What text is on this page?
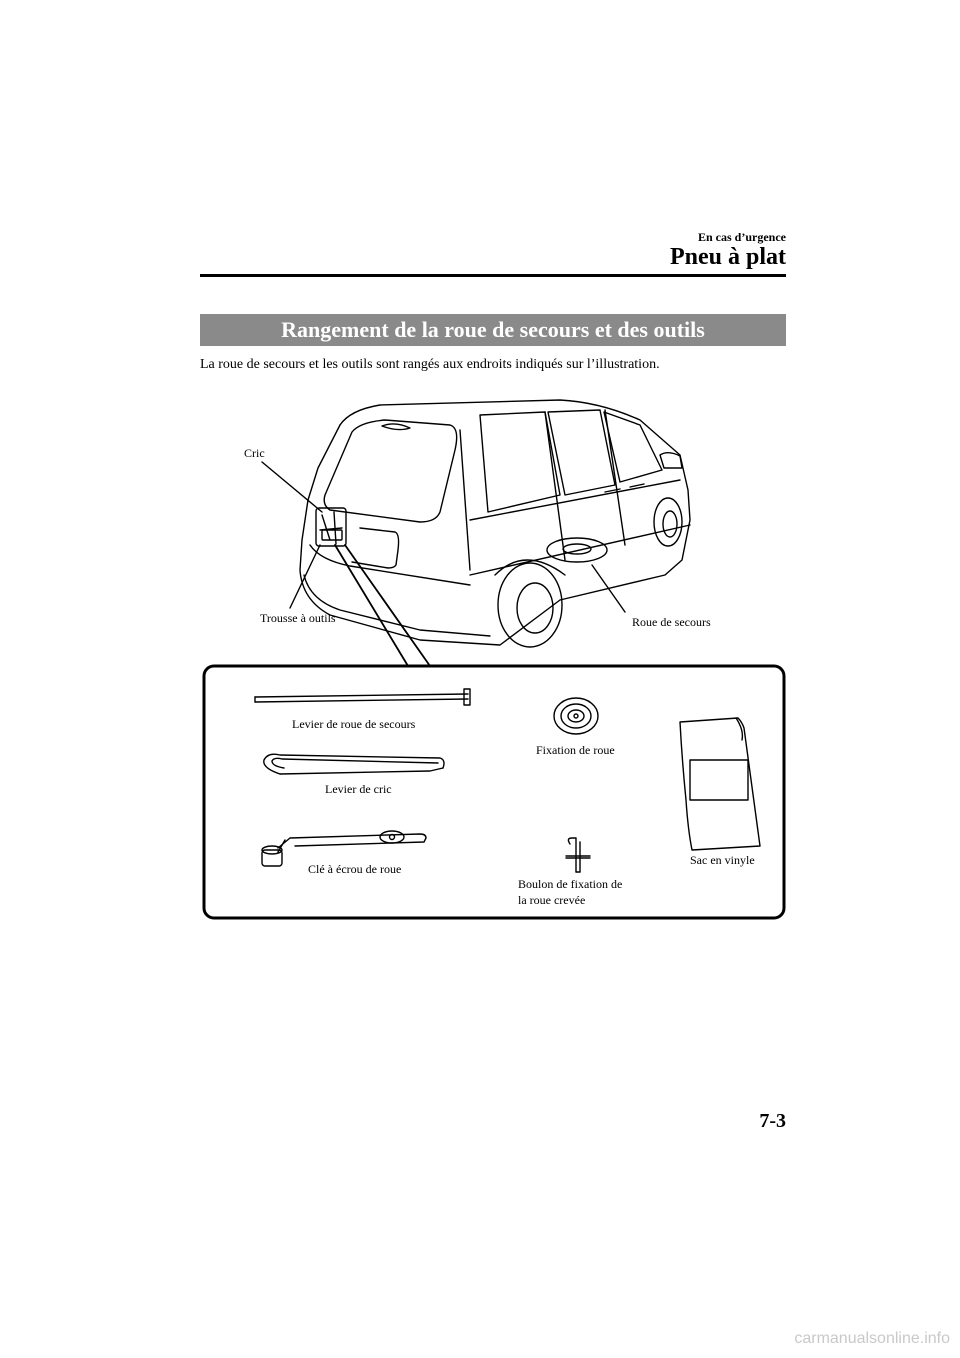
En cas d’urgence
Pneu à plat
Rangement de la roue de secours et des outils
La roue de secours et les outils sont rangés aux endroits indiqués sur l’illustration.
Cric
Trousse à outils	Roue de secours
Levier de roue de secours
Fixation de roue
Levier de cric
Clé à écrou de roue
Boulon de fixation de
la roue crevée
Sac en vinyle
7-3
carmanualsonline.info
